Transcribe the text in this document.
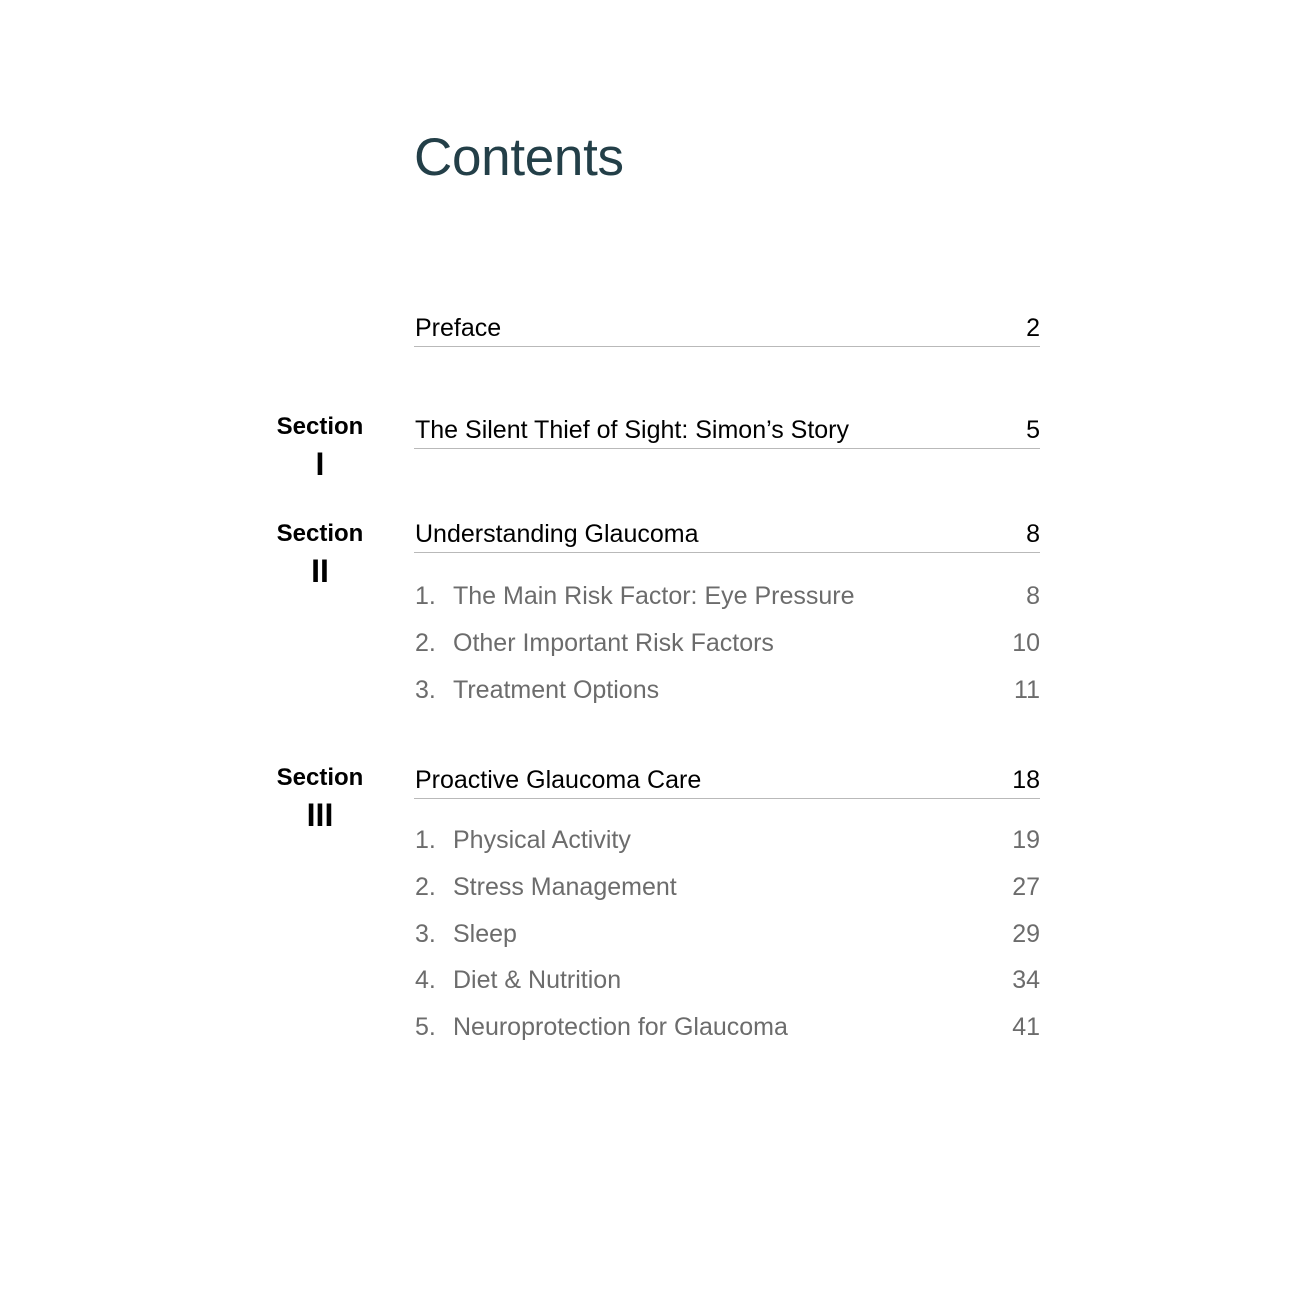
Contents
Preface	2
Section
I
The Silent Thief of Sight: Simon’s Story	5
Section
II
Understanding Glaucoma	8
1. The Main Risk Factor: Eye Pressure	8
2. Other Important Risk Factors	10
3. Treatment Options	11
Section
III
Proactive Glaucoma Care	18
1. Physical Activity	19
2. Stress Management	27
3. Sleep	29
4. Diet & Nutrition	34
5. Neuroprotection for Glaucoma	41
